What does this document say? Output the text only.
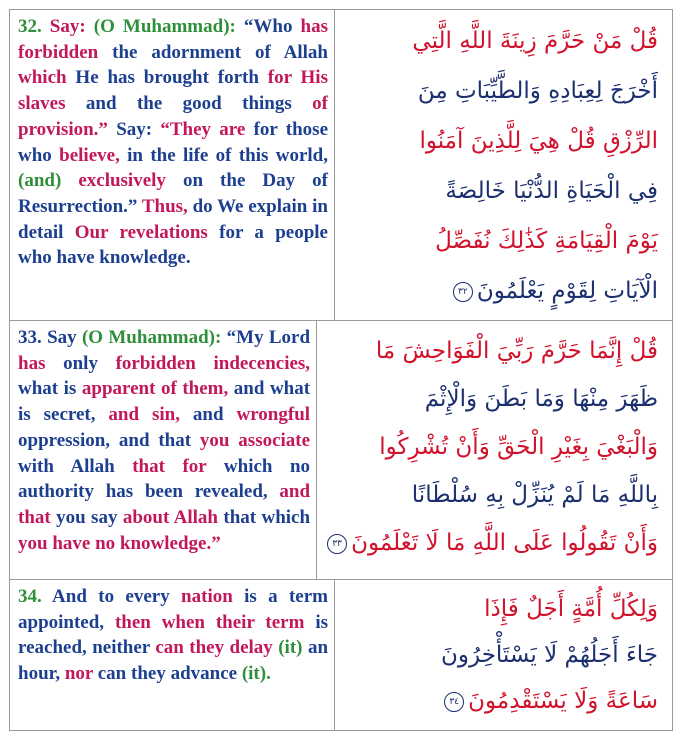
32. Say: (O Muhammad): “Who has forbidden the adornment of Allah which He has brought forth for His slaves and the good things of provision.” Say: “They are for those who believe, in the life of this world, (and) exclusively on the Day of Resurrection.” Thus, do We explain in detail Our revelations for a people who have knowledge.
قُلْ مَنْ حَرَّمَ زِينَةَ اللَّهِ الَّتِي
أَخْرَجَ لِعِبَادِهِ وَالطَّيِّبَاتِ مِنَ
الرِّزْقِ قُلْ هِيَ لِلَّذِينَ آمَنُوا
فِي الْحَيَاةِ الدُّنْيَا خَالِصَةً
يَوْمَ الْقِيَامَةِ كَذَٰلِكَ نُفَصِّلُ
الْآيَاتِ لِقَوْمٍ يَعْلَمُونَ٣٢
33. Say (O Muhammad): “My Lord has only forbidden indecencies, what is apparent of them, and what is secret, and sin, and wrongful oppression, and that you associate with Allah that for which no authority has been revealed, and that you say about Allah that which you have no knowledge.”
قُلْ إِنَّمَا حَرَّمَ رَبِّيَ الْفَوَاحِشَ مَا
ظَهَرَ مِنْهَا وَمَا بَطَنَ وَالْإِثْمَ
وَالْبَغْيَ بِغَيْرِ الْحَقِّ وَأَنْ تُشْرِكُوا
بِاللَّهِ مَا لَمْ يُنَزِّلْ بِهِ سُلْطَانًا
وَأَنْ تَقُولُوا عَلَى اللَّهِ مَا لَا تَعْلَمُونَ٣٣
34. And to every nation is a term appointed, then when their term is reached, neither can they delay (it) an hour, nor can they advance (it).
وَلِكُلِّ أُمَّةٍ أَجَلٌ فَإِذَا
جَاءَ أَجَلُهُمْ لَا يَسْتَأْخِرُونَ
سَاعَةً وَلَا يَسْتَقْدِمُونَ٣٤
